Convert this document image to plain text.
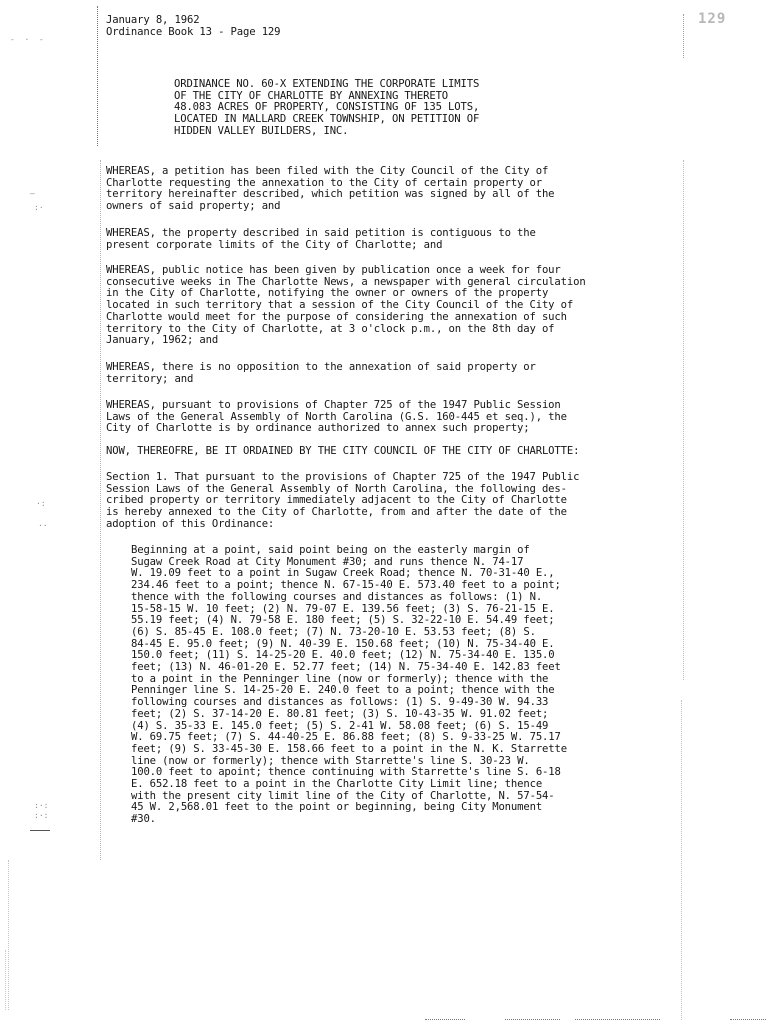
-  ·  -
—
:·
·:
..
:·:
:·:
129
January 8, 1962
Ordinance Book 13 - Page 129
ORDINANCE NO. 60-X EXTENDING THE CORPORATE LIMITS
OF THE CITY OF CHARLOTTE BY ANNEXING THERETO
48.083 ACRES OF PROPERTY, CONSISTING OF 135 LOTS,
LOCATED IN MALLARD CREEK TOWNSHIP, ON PETITION OF
HIDDEN VALLEY BUILDERS, INC.
WHEREAS, a petition has been filed with the City Council of the City of
Charlotte requesting the annexation to the City of certain property or
territory hereinafter described, which petition was signed by all of the
owners of said property; and
WHEREAS, the property described in said petition is contiguous to the
present corporate limits of the City of Charlotte; and
WHEREAS, public notice has been given by publication once a week for four
consecutive weeks in The Charlotte News, a newspaper with general circulation
in the City of Charlotte, notifying the owner or owners of the property
located in such territory that a session of the City Council of the City of
Charlotte would meet for the purpose of considering the annexation of such
territory to the City of Charlotte, at 3 o'clock p.m., on the 8th day of
January, 1962; and
WHEREAS, there is no opposition to the annexation of said property or
territory; and
WHEREAS, pursuant to provisions of Chapter 725 of the 1947 Public Session
Laws of the General Assembly of North Carolina (G.S. 160-445 et seq.), the
City of Charlotte is by ordinance authorized to annex such property;
NOW, THEREOFRE, BE IT ORDAINED BY THE CITY COUNCIL OF THE CITY OF CHARLOTTE:
Section 1. That pursuant to the provisions of Chapter 725 of the 1947 Public
Session Laws of the General Assembly of North Carolina, the following des-
cribed property or territory immediately adjacent to the City of Charlotte
is hereby annexed to the City of Charlotte, from and after the date of the
adoption of this Ordinance:
Beginning at a point, said point being on the easterly margin of
Sugaw Creek Road at City Monument #30; and runs thence N. 74-17
W. 19.09 feet to a point in Sugaw Creek Road; thence N. 70-31-40 E.,
234.46 feet to a point; thence N. 67-15-40 E. 573.40 feet to a point;
thence with the following courses and distances as follows: (1) N.
15-58-15 W. 10 feet; (2) N. 79-07 E. 139.56 feet; (3) S. 76-21-15 E.
55.19 feet; (4) N. 79-58 E. 180 feet; (5) S. 32-22-10 E. 54.49 feet;
(6) S. 85-45 E. 108.0 feet; (7) N. 73-20-10 E. 53.53 feet; (8) S.
84-45 E. 95.0 feet; (9) N. 40-39 E. 150.68 feet; (10) N. 75-34-40 E.
150.0 feet; (11) S. 14-25-20 E. 40.0 feet; (12) N. 75-34-40 E. 135.0
feet; (13) N. 46-01-20 E. 52.77 feet; (14) N. 75-34-40 E. 142.83 feet
to a point in the Penninger line (now or formerly); thence with the
Penninger line S. 14-25-20 E. 240.0 feet to a point; thence with the
following courses and distances as follows: (1) S. 9-49-30 W. 94.33
feet; (2) S. 37-14-20 E. 80.81 feet; (3) S. 10-43-35 W. 91.02 feet;
(4) S. 35-33 E. 145.0 feet; (5) S. 2-41 W. 58.08 feet; (6) S. 15-49
W. 69.75 feet; (7) S. 44-40-25 E. 86.88 feet; (8) S. 9-33-25 W. 75.17
feet; (9) S. 33-45-30 E. 158.66 feet to a point in the N. K. Starrette
line (now or formerly); thence with Starrette's line S. 30-23 W.
100.0 feet to apoint; thence continuing with Starrette's line S. 6-18
E. 652.18 feet to a point in the Charlotte City Limit line; thence
with the present city limit line of the City of Charlotte, N. 57-54-
45 W. 2,568.01 feet to the point or beginning, being City Monument
#30.
